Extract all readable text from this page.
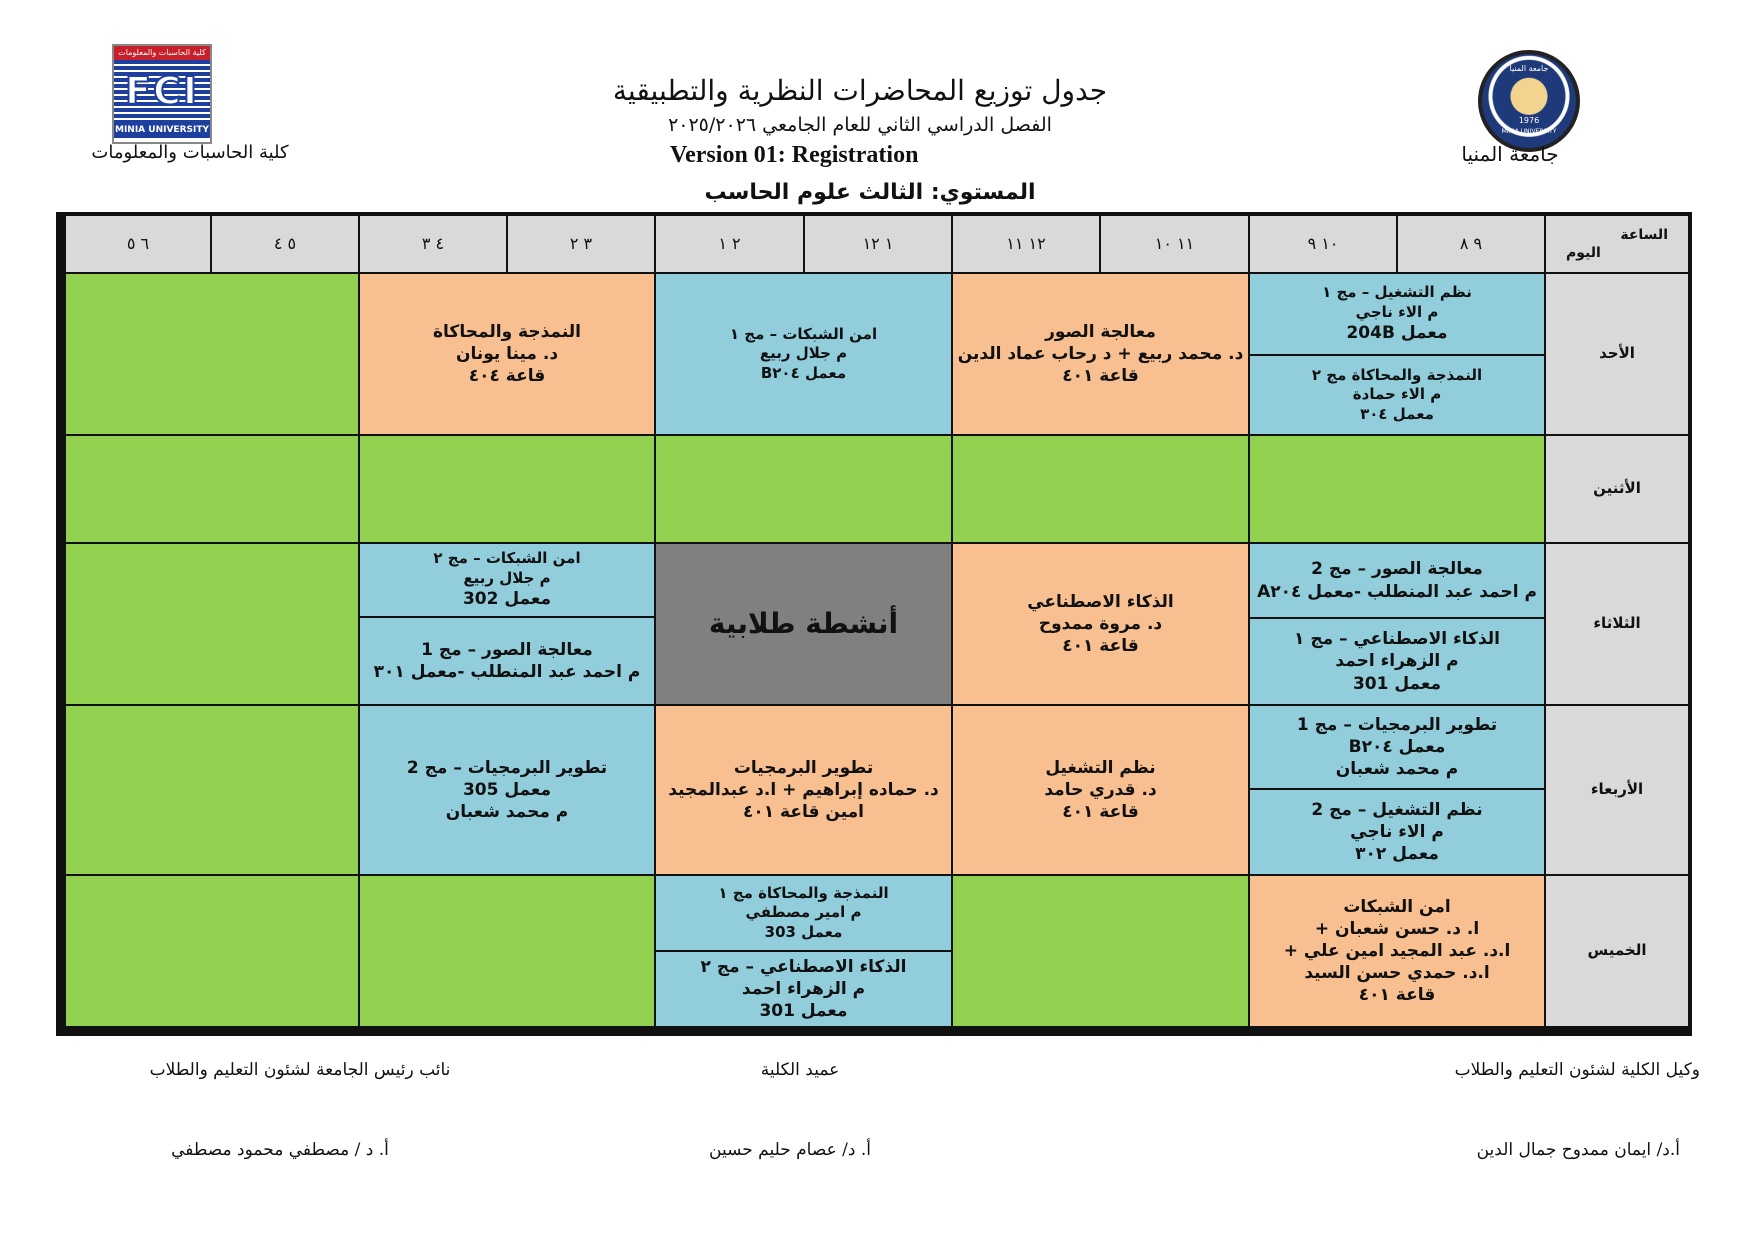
كلية الحاسبات والمعلومات
FCI
MINIA UNIVERSITY
كلية الحاسبات والمعلومات
جامعة المنيا
1976
MINIA UNIVERSITY
جامعة المنيا
جدول توزيع المحاضرات النظرية والتطبيقية
الفصل الدراسي الثاني للعام الجامعي ٢٠٢٥/٢٠٢٦
Version 01: Registration
المستوي: الثالث علوم الحاسب
الساعة
اليوم
٩ ٨
١٠ ٩
١١ ١٠
١٢ ١١
١ ١٢
٢ ١
٣ ٢
٤ ٣
٥ ٤
٦ ٥
الأحد
نظم التشغيل – مج ١
م الاء ناجي
معمل 204B
النمذجة والمحاكاة مج ٢
م الاء حمادة
معمل ٣٠٤
معالجة الصور
د. محمد ربيع + د رحاب عماد الدين
قاعة ٤٠١
امن الشبكات – مج ١
م جلال ربيع
معمل B٢٠٤
النمذجة والمحاكاة
د. مينا يونان
قاعة ٤٠٤
الأثنين
الثلاثاء
معالجة الصور – مج 2
م احمد عبد المنطلب -معمل A٢٠٤
الذكاء الاصطناعي – مج ١
م الزهراء احمد
معمل 301
الذكاء الاصطناعي
د. مروة ممدوح
قاعة ٤٠١
أنشطة طلابية
امن الشبكات – مج ٢
م جلال ربيع
معمل 302
معالجة الصور – مج 1
م احمد عبد المنطلب -معمل ٣٠١
الأربعاء
تطوير البرمجيات – مج 1
معمل B٢٠٤
م محمد شعبان
نظم التشغيل – مج 2
م الاء ناجي
معمل ٣٠٢
نظم التشغيل
د. قدري حامد
قاعة ٤٠١
تطوير البرمجيات
د. حماده إبراهيم + ا.د عبدالمجيد
امين قاعة ٤٠١
تطوير البرمجيات – مج 2
معمل 305
م محمد شعبان
الخميس
امن الشبكات
ا. د. حسن شعبان +
ا.د. عبد المجيد امين علي +
ا.د. حمدي حسن السيد
قاعة ٤٠١
النمذجة والمحاكاة مج ١
م امير مصطفي
معمل 303
الذكاء الاصطناعي – مج ٢
م الزهراء احمد
معمل 301
وكيل الكلية لشئون التعليم والطلاب
أ.د/ ايمان ممدوح جمال الدين
عميد الكلية
أ. د/ عصام حليم حسين
نائب رئيس الجامعة لشئون التعليم والطلاب
أ. د / مصطفي محمود مصطفي
